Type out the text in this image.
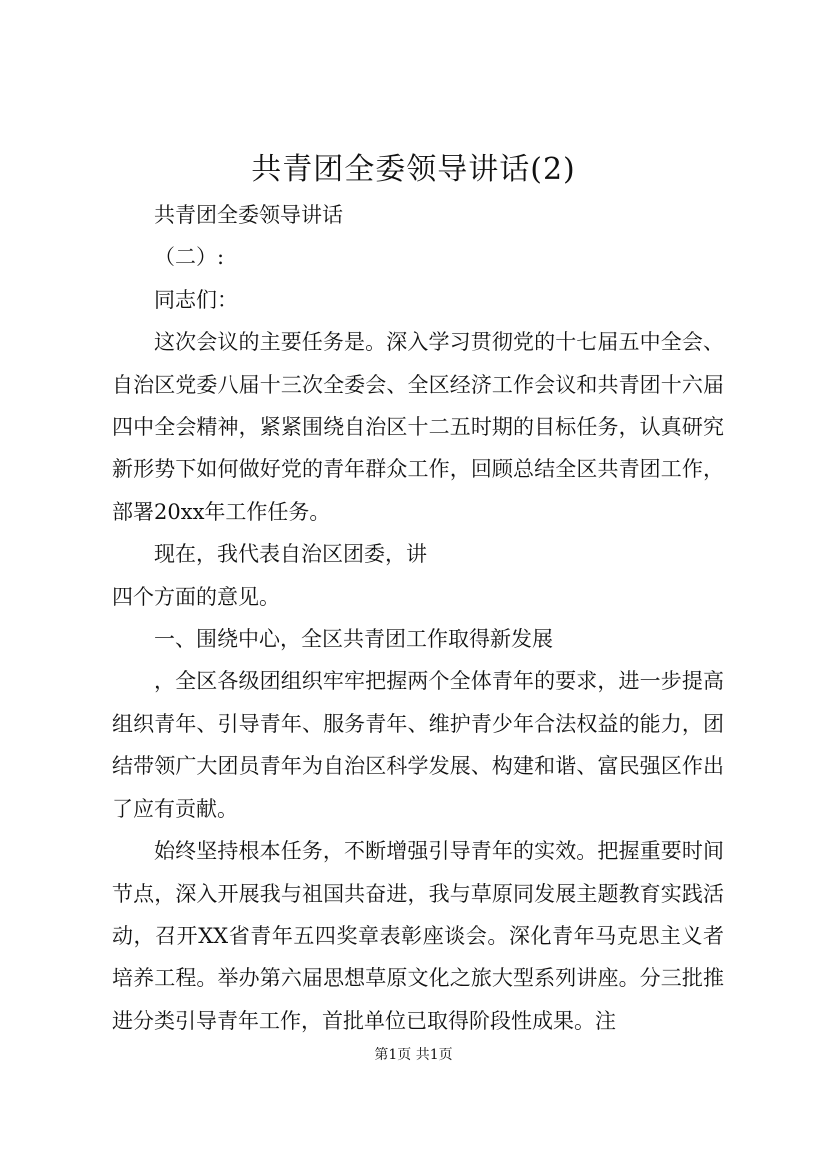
共青团全委领导讲话(2)

共青团全委领导讲话

（二）:

同志们：

这次会议的主要任务是。深入学习贯彻党的十七届五中全会、自治区党委八届十三次全委会、全区经济工作会议和共青团十六届四中全会精神，紧紧围绕自治区十二五时期的目标任务，认真研究新形势下如何做好党的青年群众工作，回顾总结全区共青团工作，部署20xx年工作任务。

现在，我代表自治区团委，讲

四个方面的意见。

一、围绕中心，全区共青团工作取得新发展

，全区各级团组织牢牢把握两个全体青年的要求，进一步提高组织青年、引导青年、服务青年、维护青少年合法权益的能力，团结带领广大团员青年为自治区科学发展、构建和谐、富民强区作出了应有贡献。

始终坚持根本任务，不断增强引导青年的实效。把握重要时间节点，深入开展我与祖国共奋进，我与草原同发展主题教育实践活动，召开XX省青年五四奖章表彰座谈会。深化青年马克思主义者培养工程。举办第六届思想草原文化之旅大型系列讲座。分三批推进分类引导青年工作，首批单位已取得阶段性成果。注

第1页 共1页
